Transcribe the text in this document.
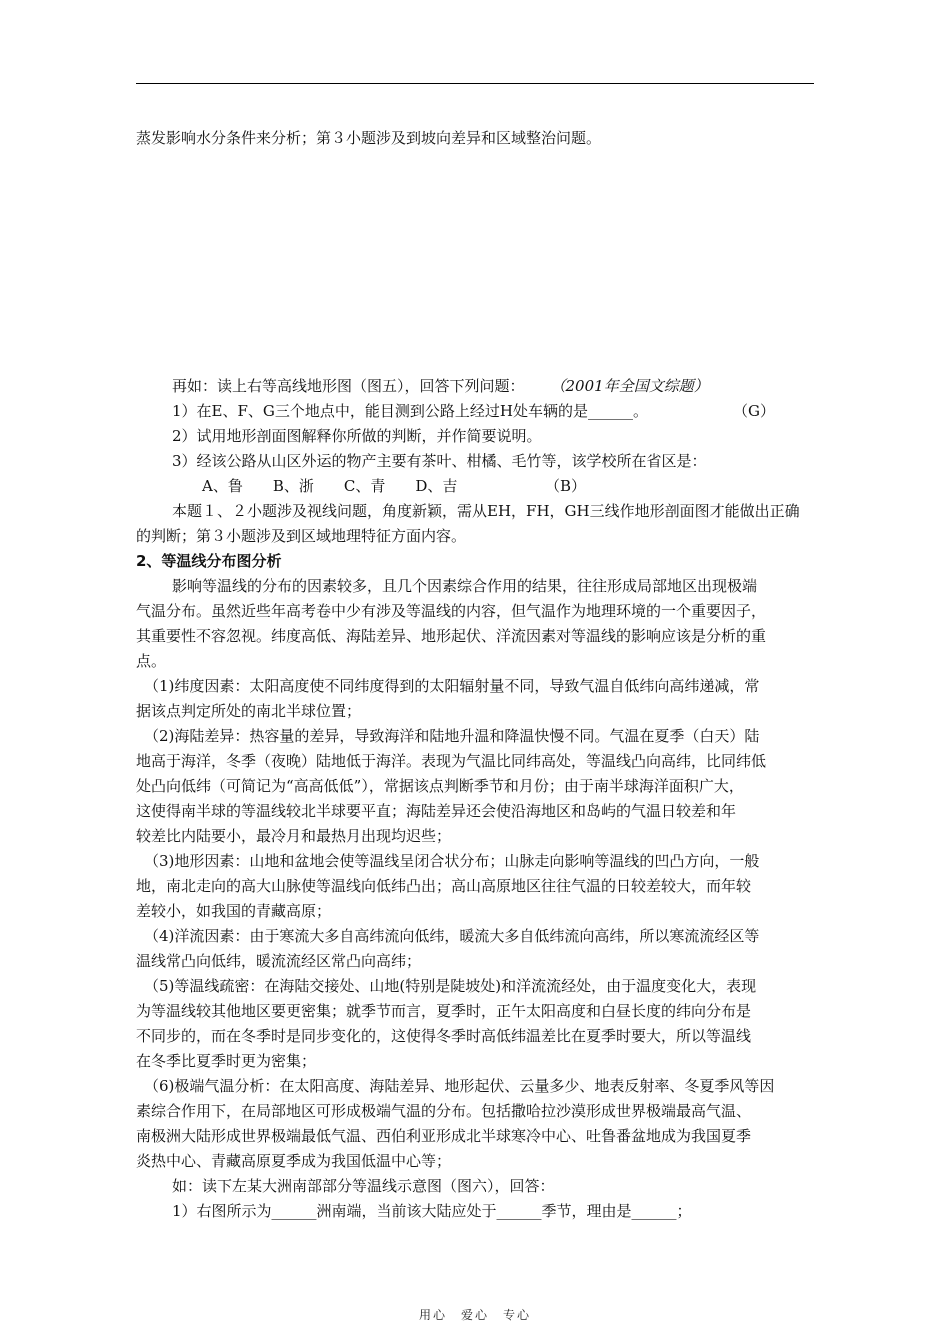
蒸发影响水分条件来分析；第３小题涉及到坡向差异和区域整治问题。
再如：读上右等高线地形图（图五），回答下列问题： （2001年全国文综题）
1）在E、F、G三个地点中，能目测到公路上经过H处车辆的是______。	（G）
2）试用地形剖面图解释你所做的判断，并作简要说明。
3）经该公路从山区外运的物产主要有茶叶、柑橘、毛竹等，该学校所在省区是：
A、鲁　　B、浙　　C、青　　D、吉	（B）
本题１、２小题涉及视线问题，角度新颖，需从EH，FH，GH三线作地形剖面图才能做出正确
的判断；第３小题涉及到区域地理特征方面内容。
2、等温线分布图分析
影响等温线的分布的因素较多，且几个因素综合作用的结果，往往形成局部地区出现极端
气温分布。虽然近些年高考卷中少有涉及等温线的内容，但气温作为地理环境的一个重要因子，
其重要性不容忽视。纬度高低、海陆差异、地形起伏、洋流因素对等温线的影响应该是分析的重
点。
（1)纬度因素：太阳高度使不同纬度得到的太阳辐射量不同，导致气温自低纬向高纬递减，常
据该点判定所处的南北半球位置；
（2)海陆差异：热容量的差异，导致海洋和陆地升温和降温快慢不同。气温在夏季（白天）陆
地高于海洋，冬季（夜晚）陆地低于海洋。表现为气温比同纬高处，等温线凸向高纬，比同纬低
处凸向低纬（可简记为“高高低低”），常据该点判断季节和月份；由于南半球海洋面积广大，
这使得南半球的等温线较北半球要平直；海陆差异还会使沿海地区和岛屿的气温日较差和年
较差比内陆要小，最冷月和最热月出现均迟些；
（3)地形因素：山地和盆地会使等温线呈闭合状分布；山脉走向影响等温线的凹凸方向，一般
地，南北走向的高大山脉使等温线向低纬凸出；高山高原地区往往气温的日较差较大，而年较
差较小，如我国的青藏高原；
（4)洋流因素：由于寒流大多自高纬流向低纬，暖流大多自低纬流向高纬，所以寒流流经区等
温线常凸向低纬，暖流流经区常凸向高纬；
（5)等温线疏密：在海陆交接处、山地(特别是陡坡处)和洋流流经处，由于温度变化大，表现
为等温线较其他地区要更密集；就季节而言，夏季时，正午太阳高度和白昼长度的纬向分布是
不同步的，而在冬季时是同步变化的，这使得冬季时高低纬温差比在夏季时要大，所以等温线
在冬季比夏季时更为密集；
（6)极端气温分析：在太阳高度、海陆差异、地形起伏、云量多少、地表反射率、冬夏季风等因
素综合作用下，在局部地区可形成极端气温的分布。包括撒哈拉沙漠形成世界极端最高气温、
南极洲大陆形成世界极端最低气温、西伯利亚形成北半球寒冷中心、吐鲁番盆地成为我国夏季
炎热中心、青藏高原夏季成为我国低温中心等；
如：读下左某大洲南部部分等温线示意图（图六），回答：
1）右图所示为______洲南端，当前该大陆应处于______季节，理由是______；
用心　爱心　专心
